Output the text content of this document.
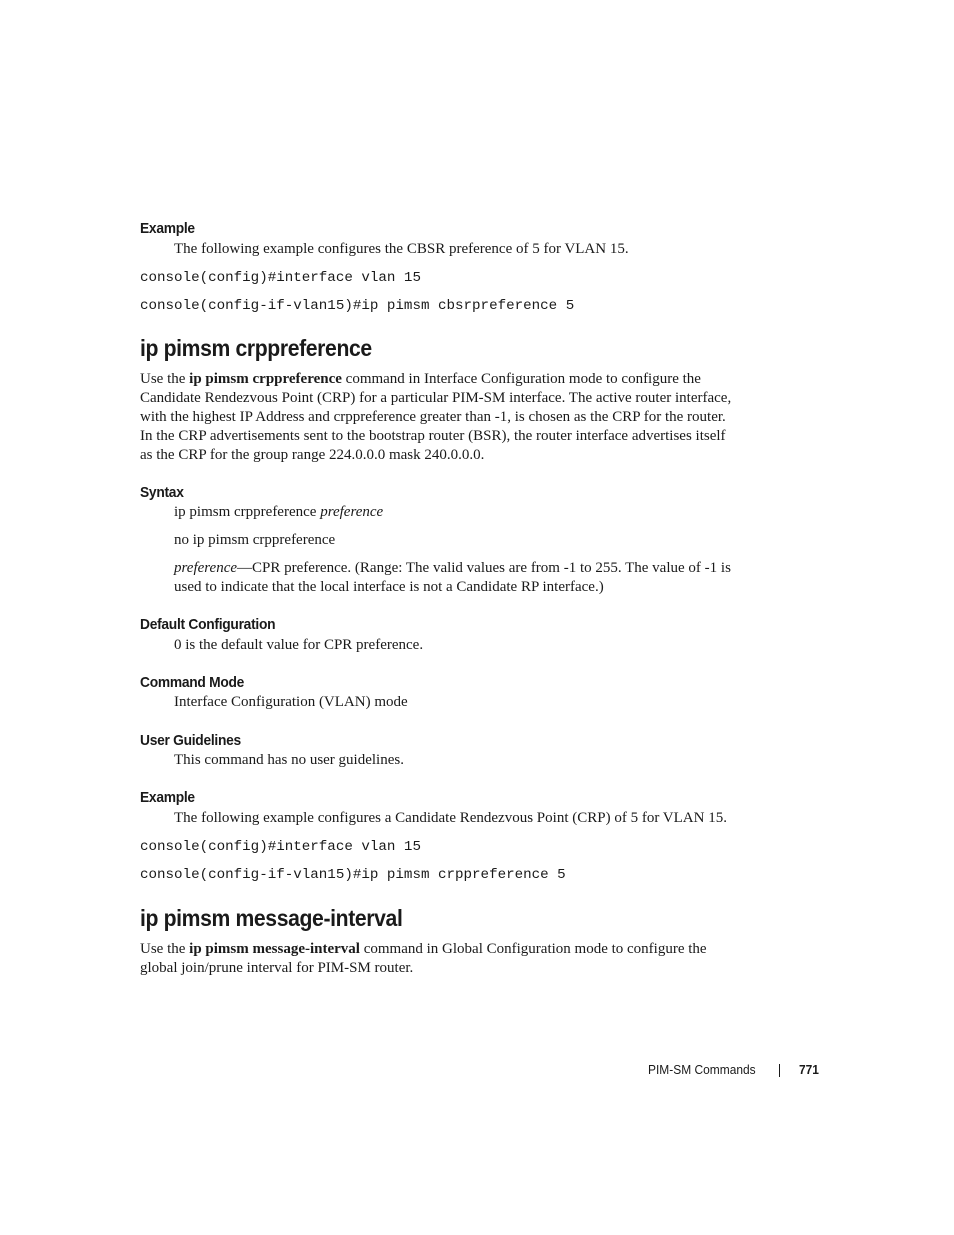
Example
The following example configures the CBSR preference of 5 for VLAN 15.
console(config)#interface vlan 15
console(config-if-vlan15)#ip pimsm cbsrpreference 5
ip pimsm crppreference
Use the ip pimsm crppreference command in Interface Configuration mode to configure the
Candidate Rendezvous Point (CRP) for a particular PIM-SM interface. The active router interface,
with the highest IP Address and crppreference greater than -1, is chosen as the CRP for the router.
In the CRP advertisements sent to the bootstrap router (BSR), the router interface advertises itself
as the CRP for the group range 224.0.0.0 mask 240.0.0.0.
Syntax
ip pimsm crppreference preference
no ip pimsm crppreference
preference—CPR preference. (Range: The valid values are from -1 to 255. The value of -1 is
used to indicate that the local interface is not a Candidate RP interface.)
Default Configuration
0 is the default value for CPR preference.
Command Mode
Interface Configuration (VLAN) mode
User Guidelines
This command has no user guidelines.
Example
The following example configures a Candidate Rendezvous Point (CRP) of 5 for VLAN 15.
console(config)#interface vlan 15
console(config-if-vlan15)#ip pimsm crppreference 5
ip pimsm message-interval
Use the ip pimsm message-interval command in Global Configuration mode to configure the
global join/prune interval for PIM-SM router.
PIM-SM Commands	771
